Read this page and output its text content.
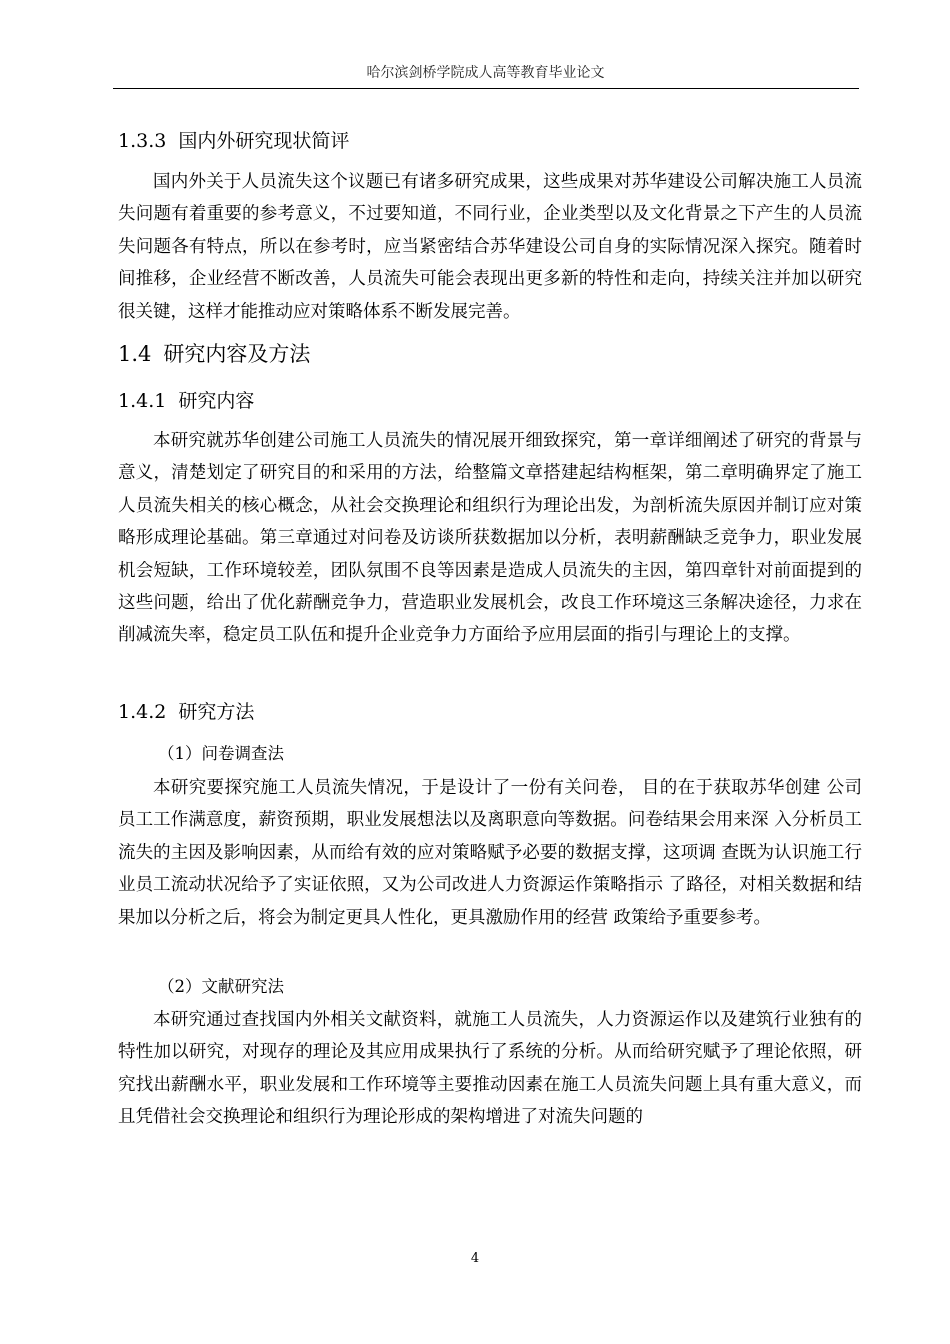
哈尔滨剑桥学院成人高等教育毕业论文
1.3.3 国内外研究现状简评

国内外关于人员流失这个议题已有诸多研究成果，这些成果对苏华建设公司解决施工人员流失问题有着重要的参考意义，不过要知道，不同行业，企业类型以及文化背景之下产生的人员流失问题各有特点，所以在参考时，应当紧密结合苏华建设公司自身的实际情况深入探究。随着时间推移，企业经营不断改善，人员流失可能会表现出更多新的特性和走向，持续关注并加以研究很关键，这样才能推动应对策略体系不断发展完善。

1.4 研究内容及方法
1.4.1 研究内容

本研究就苏华创建公司施工人员流失的情况展开细致探究，第一章详细阐述了研究的背景与意义，清楚划定了研究目的和采用的方法，给整篇文章搭建起结构框架，第二章明确界定了施工人员流失相关的核心概念，从社会交换理论和组织行为理论出发，为剖析流失原因并制订应对策略形成理论基础。第三章通过对问卷及访谈所获数据加以分析，表明薪酬缺乏竞争力，职业发展机会短缺，工作环境较差，团队氛围不良等因素是造成人员流失的主因，第四章针对前面提到的这些问题，给出了优化薪酬竞争力，营造职业发展机会，改良工作环境这三条解决途径，力求在削减流失率，稳定员工队伍和提升企业竞争力方面给予应用层面的指引与理论上的支撑。

1.4.2 研究方法
（1）问卷调查法

本研究要探究施工人员流失情况，于是设计了一份有关问卷， 目的在于获取苏华创建 公司员工工作满意度，薪资预期，职业发展想法以及离职意向等数据。问卷结果会用来深 入分析员工流失的主因及影响因素，从而给有效的应对策略赋予必要的数据支撑，这项调 查既为认识施工行业员工流动状况给予了实证依照，又为公司改进人力资源运作策略指示 了路径，对相关数据和结果加以分析之后，将会为制定更具人性化，更具激励作用的经营 政策给予重要参考。

（2）文献研究法

本研究通过查找国内外相关文献资料，就施工人员流失，人力资源运作以及建筑行业独有的特性加以研究，对现存的理论及其应用成果执行了系统的分析。从而给研究赋予了理论依照，研究找出薪酬水平，职业发展和工作环境等主要推动因素在施工人员流失问题上具有重大意义，而且凭借社会交换理论和组织行为理论形成的架构增进了对流失问题的

4
